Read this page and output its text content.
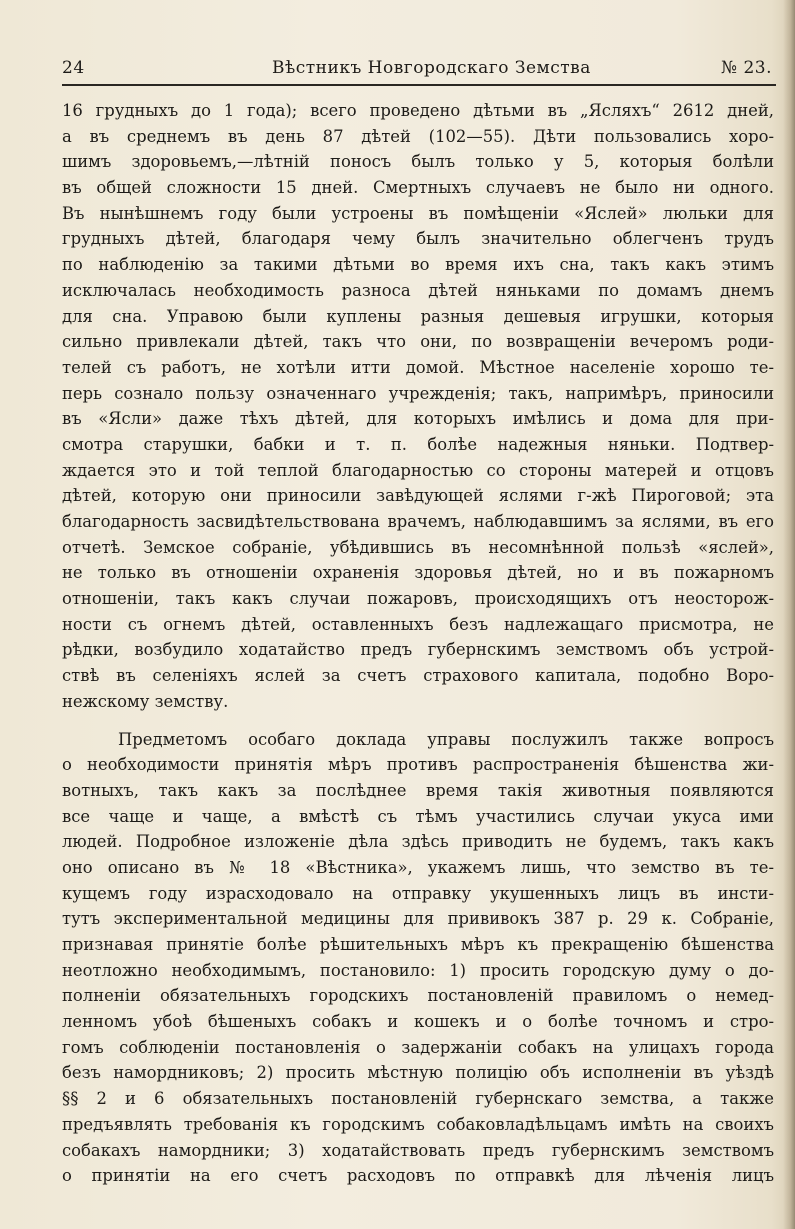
24	Вѣстникъ Новгородскаго Земства	№ 23.
16 грудныхъ до 1 года); всего проведено дѣтьми въ „Ясляхъ“ 2612 дней,
а въ среднемъ въ день 87 дѣтей (102—55). Дѣти пользовались хоро-
шимъ здоровьемъ,—лѣтній поносъ былъ только у 5, которыя болѣли
въ общей сложности 15 дней. Смертныхъ случаевъ не было ни одного.
Въ нынѣшнемъ году были устроены въ помѣщеніи «Яслей» люльки для
грудныхъ дѣтей, благодаря чему былъ значительно облегченъ трудъ
по наблюденію за такими дѣтьми во время ихъ сна, такъ какъ этимъ
исключалась необходимость разноса дѣтей няньками по домамъ днемъ
для сна. Управою были куплены разныя дешевыя игрушки, которыя
сильно привлекали дѣтей, такъ что они, по возвращеніи вечеромъ роди-
телей съ работъ, не хотѣли итти домой. Мѣстное населеніе хорошо те-
перь сознало пользу означеннаго учрежденія; такъ, напримѣръ, приносили
въ «Ясли» даже тѣхъ дѣтей, для которыхъ имѣлись и дома для при-
смотра старушки, бабки и т. п. болѣе надежныя няньки. Подтвер-
ждается это и той теплой благодарностью со стороны матерей и отцовъ
дѣтей, которую они приносили завѣдующей яслями г-жѣ Пироговой; эта
благодарность засвидѣтельствована врачемъ, наблюдавшимъ за яслями, въ его
отчетѣ. Земское собраніе, убѣдившись въ несомнѣнной пользѣ «яслей»,
не только въ отношеніи охраненія здоровья дѣтей, но и въ пожарномъ
отношеніи, такъ какъ случаи пожаровъ, происходящихъ отъ неосторож-
ности съ огнемъ дѣтей, оставленныхъ безъ надлежащаго присмотра, не
рѣдки, возбудило ходатайство предъ губернскимъ земствомъ объ устрой-
ствѣ въ селеніяхъ яслей за счетъ страхового капитала, подобно Воро-
нежскому земству.
Предметомъ особаго доклада управы послужилъ также вопросъ
о необходимости принятія мѣръ противъ распространенія бѣшенства жи-
вотныхъ, такъ какъ за послѣднее время такія животныя появляются
все чаще и чаще, а вмѣстѣ съ тѣмъ участились случаи укуса ими
людей. Подробное изложеніе дѣла здѣсь приводить не будемъ, такъ какъ
оно описано въ № 18 «Вѣстника», укажемъ лишь, что земство въ те-
кущемъ году израсходовало на отправку укушенныхъ лицъ въ инсти-
тутъ экспериментальной медицины для прививокъ 387 р. 29 к. Собраніе,
признавая принятіе болѣе рѣшительныхъ мѣръ къ прекращенію бѣшенства
неотложно необходимымъ, постановило: 1) просить городскую думу о до-
полненіи обязательныхъ городскихъ постановленій правиломъ о немед-
ленномъ убоѣ бѣшеныхъ собакъ и кошекъ и о болѣе точномъ и стро-
гомъ соблюденіи постановленія о задержаніи собакъ на улицахъ города
безъ намордниковъ; 2) просить мѣстную полицію объ исполненіи въ уѣздѣ
§§ 2 и 6 обязательныхъ постановленій губернскаго земства, а также
предъявлять требованія къ городскимъ собаковладѣльцамъ имѣть на своихъ
собакахъ намордники; 3) ходатайствовать предъ губернскимъ земствомъ
о принятіи на его счетъ расходовъ по отправкѣ для лѣченія лицъ
